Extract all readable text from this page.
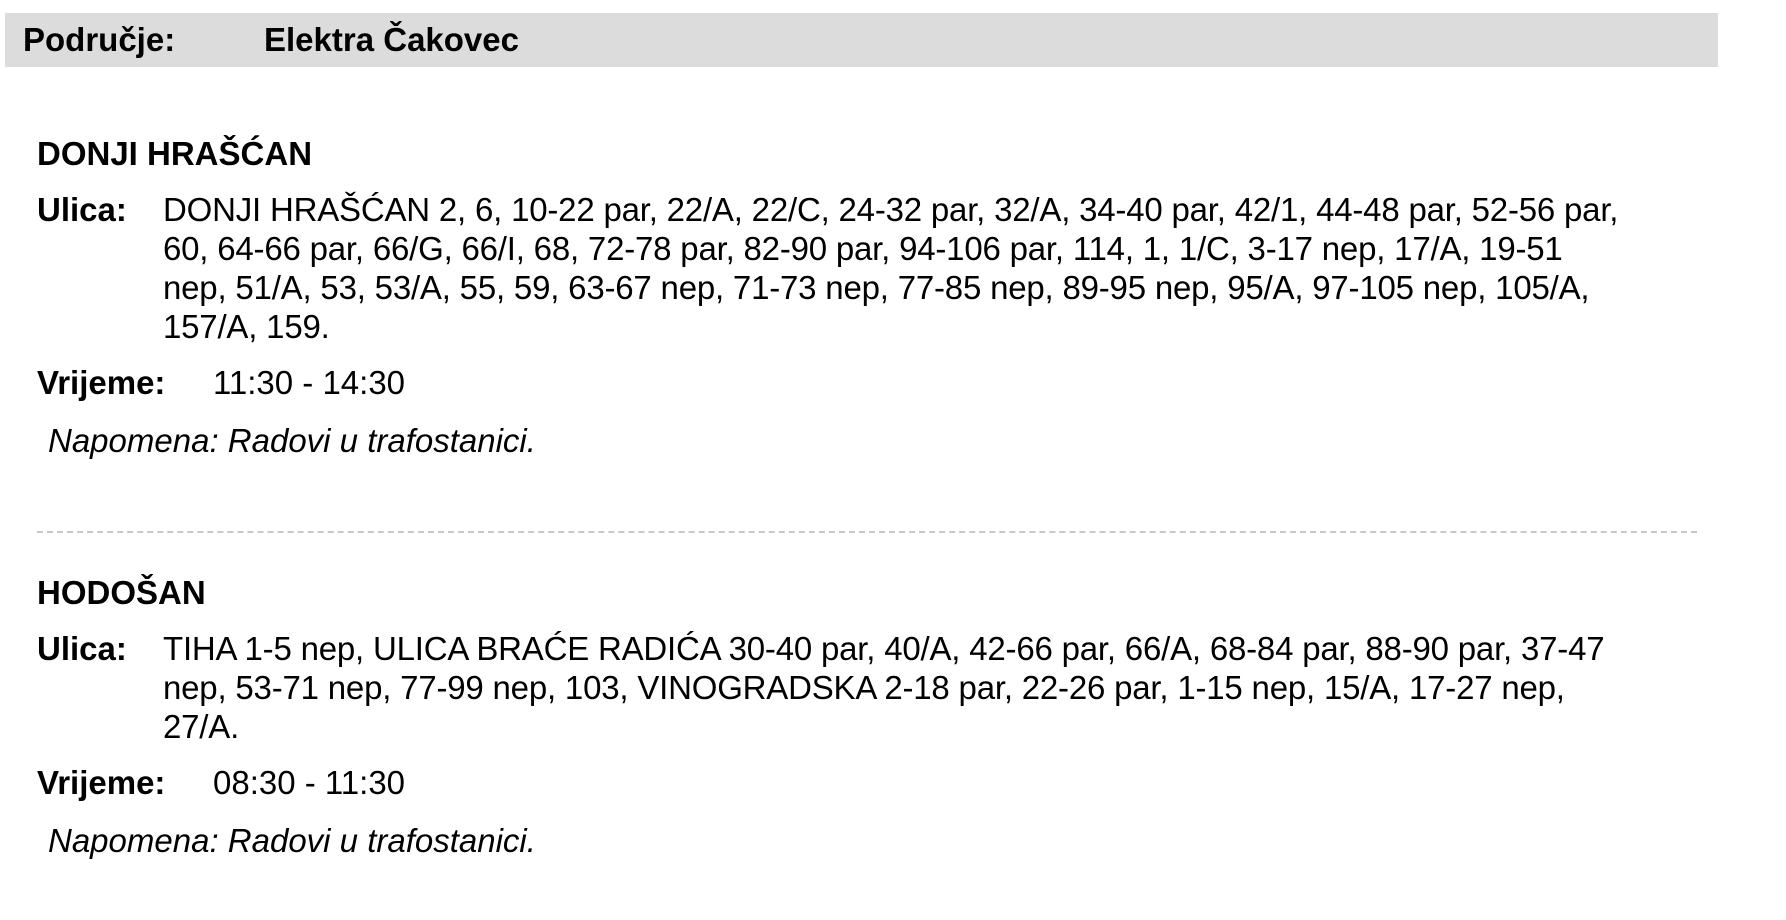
Područje:	Elektra Čakovec
DONJI HRAŠĆAN
Ulica:	DONJI HRAŠĆAN 2, 6, 10-22 par, 22/A, 22/C, 24-32 par, 32/A, 34-40 par, 42/1, 44-48 par, 52-56 par, 60, 64-66 par, 66/G, 66/I, 68, 72-78 par, 82-90 par, 94-106 par, 114, 1, 1/C, 3-17 nep, 17/A, 19-51 nep, 51/A, 53, 53/A, 55, 59, 63-67 nep, 71-73 nep, 77-85 nep, 89-95 nep, 95/A, 97-105 nep, 105/A, 157/A, 159.
Vrijeme:	11:30 - 14:30
Napomena: Radovi u trafostanici.
HODOŠAN
Ulica:	TIHA 1-5 nep, ULICA BRAĆE RADIĆA 30-40 par, 40/A, 42-66 par, 66/A, 68-84 par, 88-90 par, 37-47 nep, 53-71 nep, 77-99 nep, 103, VINOGRADSKA 2-18 par, 22-26 par, 1-15 nep, 15/A, 17-27 nep, 27/A.
Vrijeme:	08:30 - 11:30
Napomena: Radovi u trafostanici.
